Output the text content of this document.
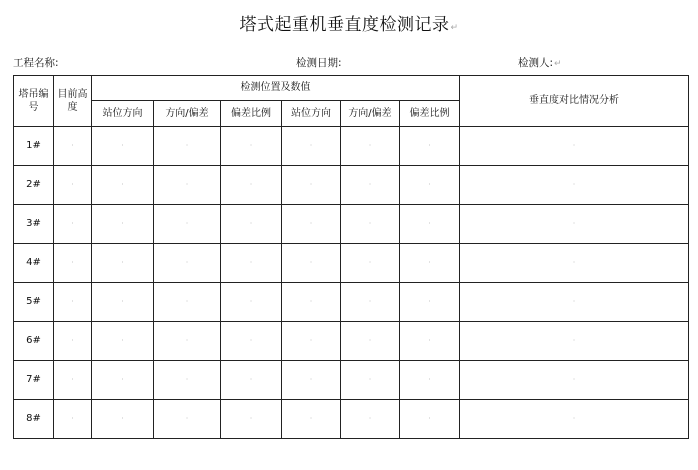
塔式起重机垂直度检测记录↵
工程名称:	检测日期:	检测人:↵
塔吊编号	目前高度	检测位置及数值						垂直度对比情况分析
		站位方向	方向/偏差	偏差比例	站位方向	方向/偏差	偏差比例	
1#	·	·	·	·	·	·	·	·
2#	·	·	·	·	·	·	·	·
3#	·	·	·	·	·	·	·	·
4#	·	·	·	·	·	·	·	·
5#	·	·	·	·	·	·	·	·
6#	·	·	·	·	·	·	·	·
7#	·	·	·	·	·	·	·	·
8#	·	·	·	·	·	·	·	·
